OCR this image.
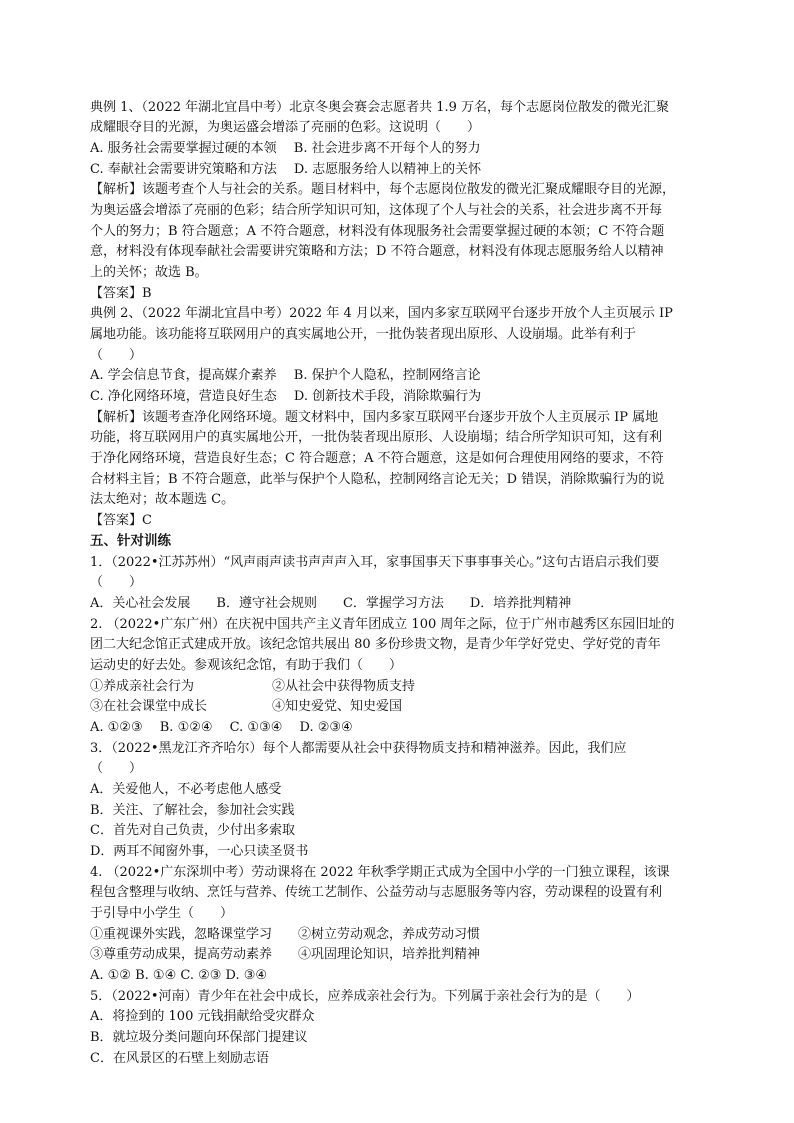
典例 1、（2022 年湖北宜昌中考）北京冬奥会赛会志愿者共 1.9 万名，每个志愿岗位散发的微光汇聚
成耀眼夺目的光源，为奥运盛会增添了亮丽的色彩。这说明（　　）
A. 服务社会需要掌握过硬的本领　 B. 社会进步离不开每个人的努力
C. 奉献社会需要讲究策略和方法　 D. 志愿服务给人以精神上的关怀
【解析】该题考查个人与社会的关系。题目材料中，每个志愿岗位散发的微光汇聚成耀眼夺目的光源，
为奥运盛会增添了亮丽的色彩；结合所学知识可知，这体现了个人与社会的关系，社会进步离不开每
个人的努力；B 符合题意；A 不符合题意，材料没有体现服务社会需要掌握过硬的本领；C 不符合题
意，材料没有体现奉献社会需要讲究策略和方法；D 不符合题意，材料没有体现志愿服务给人以精神
上的关怀；故选 B。
【答案】B
典例 2、（2022 年湖北宜昌中考）2022 年 4 月以来，国内多家互联网平台逐步开放个人主页展示 IP
属地功能。该功能将互联网用户的真实属地公开，一批伪装者现出原形、人设崩塌。此举有利于
（　　）
A. 学会信息节食，提高媒介素养　 B. 保护个人隐私，控制网络言论
C. 净化网络环境，营造良好生态　 D. 创新技术手段，消除欺骗行为
【解析】该题考查净化网络环境。题文材料中，国内多家互联网平台逐步开放个人主页展示 IP 属地
功能，将互联网用户的真实属地公开，一批伪装者现出原形、人设崩塌；结合所学知识可知，这有利
于净化网络环境，营造良好生态；C 符合题意；A 不符合题意，这是如何合理使用网络的要求，不符
合材料主旨；B 不符合题意，此举与保护个人隐私，控制网络言论无关；D 错误，消除欺骗行为的说
法太绝对；故本题选 C。
【答案】C
五、针对训练
1．（2022•江苏苏州）“风声雨声读书声声声入耳，家事国事天下事事事关心。”这句古语启示我们要
（　　）
A．关心社会发展　　B．遵守社会规则　　C．掌握学习方法　　D．培养批判精神
2. （2022•广东广州）在庆祝中国共产主义青年团成立 100 周年之际，位于广州市越秀区东园旧址的
团二大纪念馆正式建成开放。该纪念馆共展出 80 多份珍贵文物，是青少年学好党史、学好党的青年
运动史的好去处。参观该纪念馆，有助于我们（　　）
①养成亲社会行为	②从社会中获得物质支持
③在社会课堂中成长	④知史爱党、知史爱国
A. ①②③　 B. ①②④　 C. ①③④　 D. ②③④
3．（2022•黑龙江齐齐哈尔）每个人都需要从社会中获得物质支持和精神滋养。因此，我们应
（　　）
A．关爱他人，不必考虑他人感受
B．关注、了解社会，参加社会实践
C．首先对自己负责，少付出多索取
D．两耳不闻窗外事，一心只读圣贤书
4. （2022•广东深圳中考）劳动课将在 2022 年秋季学期正式成为全国中小学的一门独立课程，该课
程包含整理与收纳、烹饪与营养、传统工艺制作、公益劳动与志愿服务等内容，劳动课程的设置有利
于引导中小学生（　　）
①重视课外实践，忽略课堂学习　　②树立劳动观念，养成劳动习惯
③尊重劳动成果，提高劳动素养　　④巩固理论知识，培养批判精神
A. ①② B. ①④ C. ②③ D. ③④
5．（2022•河南）青少年在社会中成长，应养成亲社会行为。下列属于亲社会行为的是（　　）
A．将捡到的 100 元钱捐献给受灾群众
B．就垃圾分类问题向环保部门提建议
C．在风景区的石壁上刻励志语
